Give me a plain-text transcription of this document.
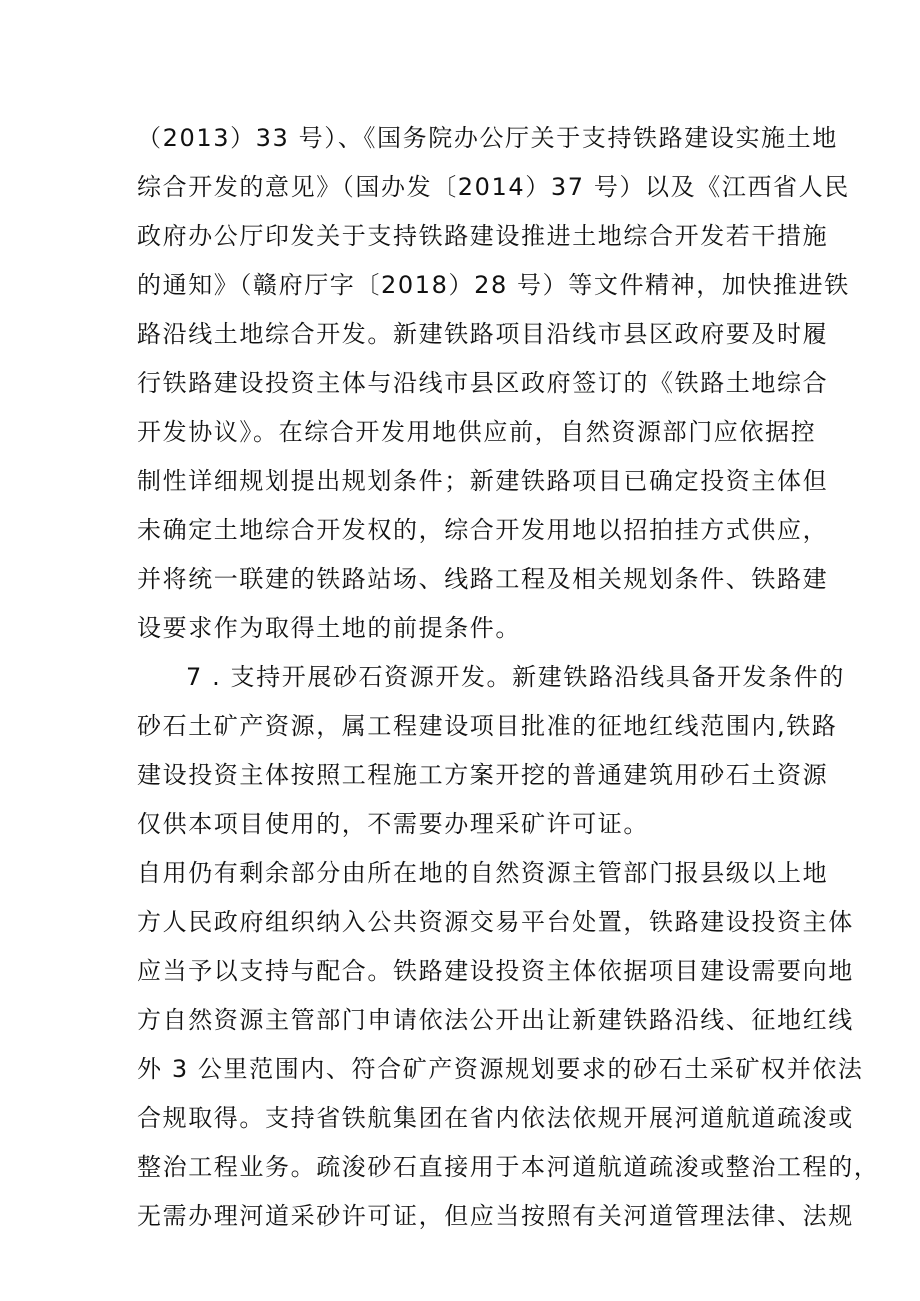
（2013）33 号）、《国务院办公厅关于支持铁路建设实施土地
综合开发的意见》（国办发〔2014）37 号）以及《江西省人民
政府办公厅印发关于支持铁路建设推进土地综合开发若干措施
的通知》（赣府厅字〔2018）28 号）等文件精神，加快推进铁
路沿线土地综合开发。新建铁路项目沿线市县区政府要及时履
行铁路建设投资主体与沿线市县区政府签订的《铁路土地综合
开发协议》。在综合开发用地供应前，自然资源部门应依据控
制性详细规划提出规划条件；新建铁路项目已确定投资主体但
未确定土地综合开发权的，综合开发用地以招拍挂方式供应，
并将统一联建的铁路站场、线路工程及相关规划条件、铁路建
设要求作为取得土地的前提条件。
7 . 支持开展砂石资源开发。新建铁路沿线具备开发条件的
砂石土矿产资源，属工程建设项目批准的征地红线范围内,铁路
建设投资主体按照工程施工方案开挖的普通建筑用砂石土资源
仅供本项目使用的，不需要办理采矿许可证。
自用仍有剩余部分由所在地的自然资源主管部门报县级以上地
方人民政府组织纳入公共资源交易平台处置，铁路建设投资主体
应当予以支持与配合。铁路建设投资主体依据项目建设需要向地
方自然资源主管部门申请依法公开出让新建铁路沿线、征地红线
外 3 公里范围内、符合矿产资源规划要求的砂石土采矿权并依法
合规取得。支持省铁航集团在省内依法依规开展河道航道疏浚或
整治工程业务。疏浚砂石直接用于本河道航道疏浚或整治工程的，
无需办理河道采砂许可证，但应当按照有关河道管理法律、法规
